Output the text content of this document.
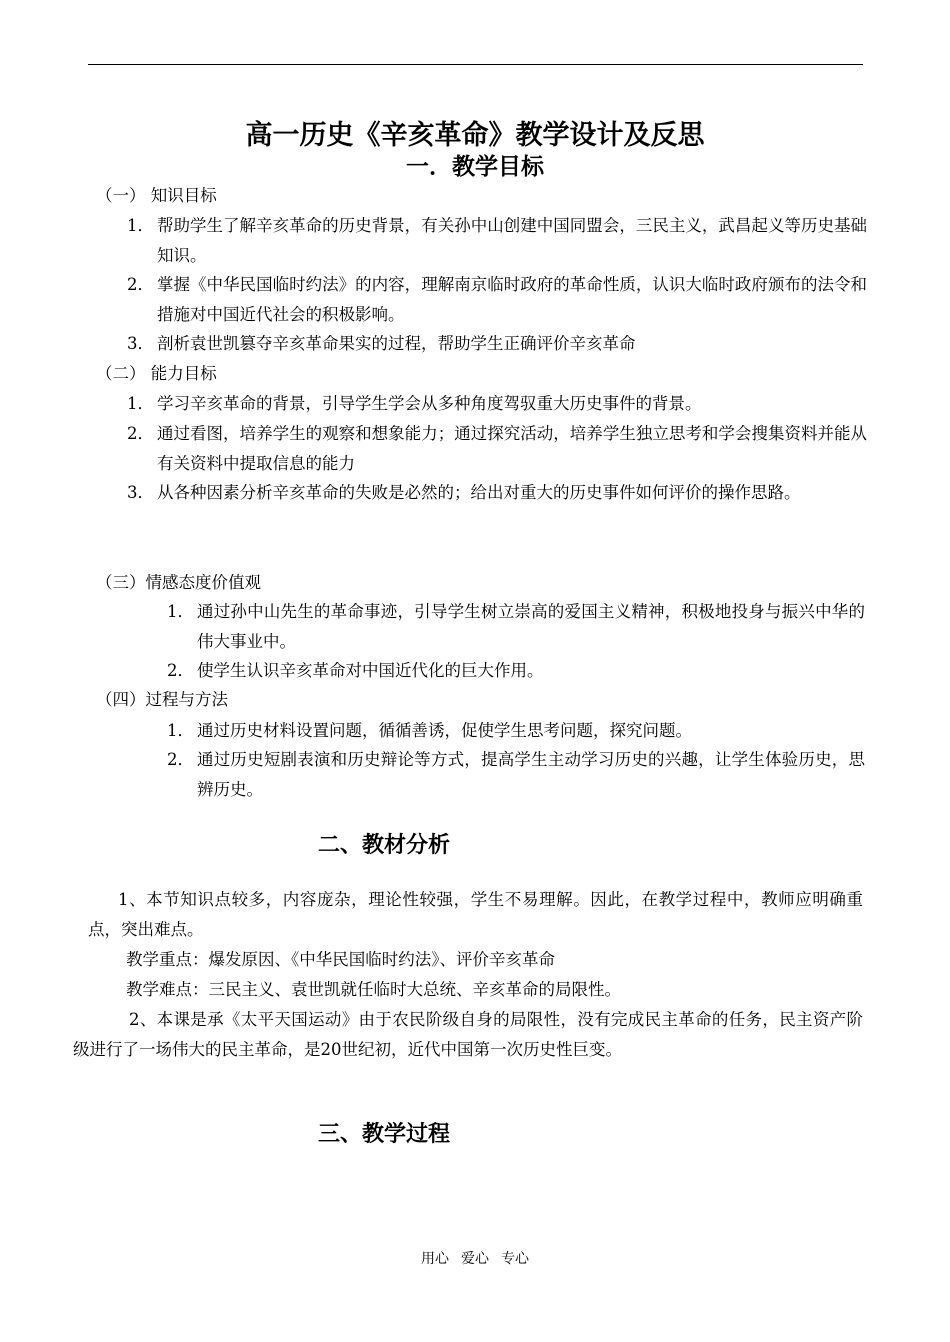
高一历史《辛亥革命》教学设计及反思
一．教学目标
（一） 知识目标
1． 帮助学生了解辛亥革命的历史背景，有关孙中山创建中国同盟会，三民主义，武昌起义等历史基础知识。
2． 掌握《中华民国临时约法》的内容，理解南京临时政府的革命性质，认识大临时政府颁布的法令和措施对中国近代社会的积极影响。
3． 剖析袁世凯篡夺辛亥革命果实的过程，帮助学生正确评价辛亥革命
（二） 能力目标
1． 学习辛亥革命的背景，引导学生学会从多种角度驾驭重大历史事件的背景。
2． 通过看图，培养学生的观察和想象能力；通过探究活动，培养学生独立思考和学会搜集资料并能从有关资料中提取信息的能力
3． 从各种因素分析辛亥革命的失败是必然的；给出对重大的历史事件如何评价的操作思路。
（三）情感态度价值观
1． 通过孙中山先生的革命事迹，引导学生树立崇高的爱国主义精神，积极地投身与振兴中华的伟大事业中。
2． 使学生认识辛亥革命对中国近代化的巨大作用。
（四）过程与方法
1． 通过历史材料设置问题，循循善诱，促使学生思考问题，探究问题。
2． 通过历史短剧表演和历史辩论等方式，提高学生主动学习历史的兴趣，让学生体验历史，思辨历史。
二、教材分析
1、本节知识点较多，内容庞杂，理论性较强，学生不易理解。因此，在教学过程中，教师应明确重点，突出难点。
教学重点：爆发原因、《中华民国临时约法》、评价辛亥革命
教学难点：三民主义、袁世凯就任临时大总统、辛亥革命的局限性。
2、本课是承《太平天国运动》由于农民阶级自身的局限性，没有完成民主革命的任务，民主资产阶级进行了一场伟大的民主革命，是20世纪初，近代中国第一次历史性巨变。
三、教学过程
用心 爱心 专心
